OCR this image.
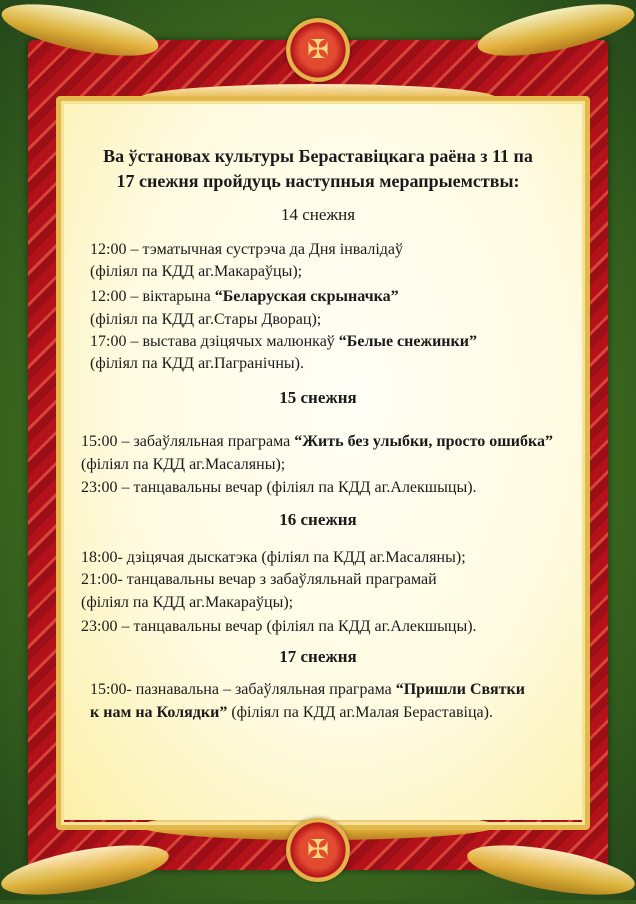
✠
✠
Ва ўстановах культуры Бераставіцкага раёна з 11 па
17 снежня пройдуць наступныя мерапрыемствы:
14 снежня
12:00 – тэматычная сустрэча да Дня інвалідаў
(філіял па КДД аг.Макараўцы);
12:00 – віктарына “Беларуская скрыначка”
(філіял па КДД аг.Стары Дворац);
17:00 – выстава дзіцячых малюнкаў “Белые снежинки”
(філіял па КДД аг.Пагранічны).
15 снежня
15:00 – забаўляльная праграма “Жить без улыбки, просто ошибка”
(філіял па КДД аг.Масаляны);
23:00 – танцавальны вечар (філіял па КДД аг.Алекшыцы).
16 снежня
18:00- дзіцячая дыскатэка (філіял па КДД аг.Масаляны);
21:00- танцавальны вечар з забаўляльнай праграмай
(філіял па КДД аг.Макараўцы);
23:00 – танцавальны вечар (філіял па КДД аг.Алекшыцы).
17 снежня
15:00- пазнавальна – забаўляльная праграма “Пришли Святки
к нам на Колядки” (філіял па КДД аг.Малая Бераставіца).
